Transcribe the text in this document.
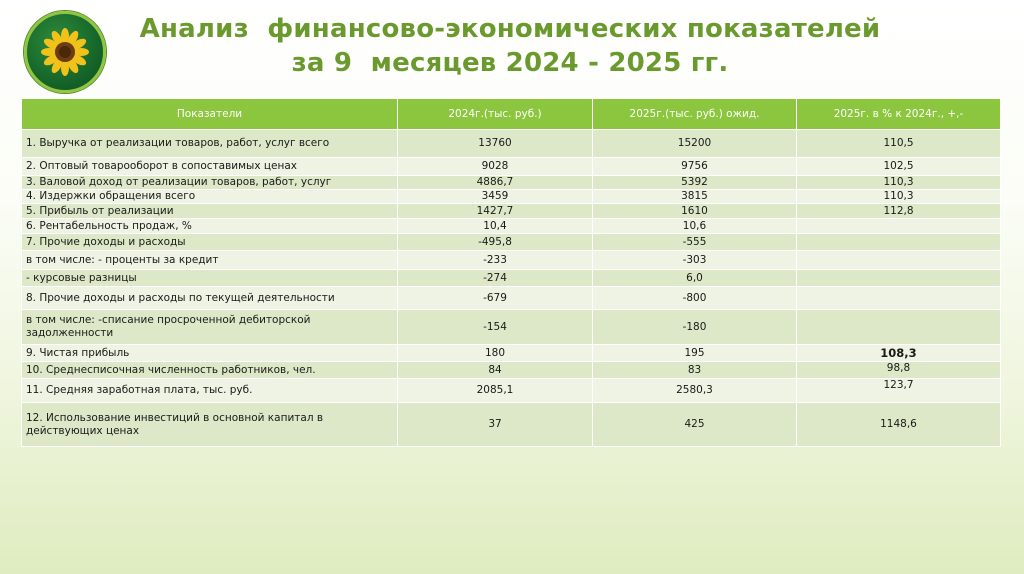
Анализ  финансово-экономических показателей
за 9  месяцев 2024 - 2025 гг.
Показатели	2024г.(тыс. руб.)	2025г.(тыс. руб.) ожид.	2025г. в % к 2024г., +,-
1. Выручка от реализации товаров, работ, услуг всего	13760	15200	110,5
2. Оптовый товарооборот в сопоставимых ценах	9028	9756	102,5
3. Валовой доход от реализации товаров, работ, услуг	4886,7	5392	110,3
4. Издержки обращения всего	3459	3815	110,3
5. Прибыль от реализации	1427,7	1610	112,8
6. Рентабельность продаж, %	10,4	10,6	
7. Прочие доходы и расходы	-495,8	-555	
в том числе: - проценты за кредит	-233	-303	
- курсовые разницы	-274	6,0	
8. Прочие доходы и расходы по текущей деятельности	-679	-800	
в том числе: -списание просроченной дебиторской задолженности	-154	-180	
9. Чистая прибыль	180	195	108,3
10. Среднесписочная численность работников, чел.	84	83	98,8
11. Средняя заработная плата, тыс. руб.	2085,1	2580,3	123,7
12. Использование инвестиций в основной капитал в действующих ценах	37	425	1148,6
